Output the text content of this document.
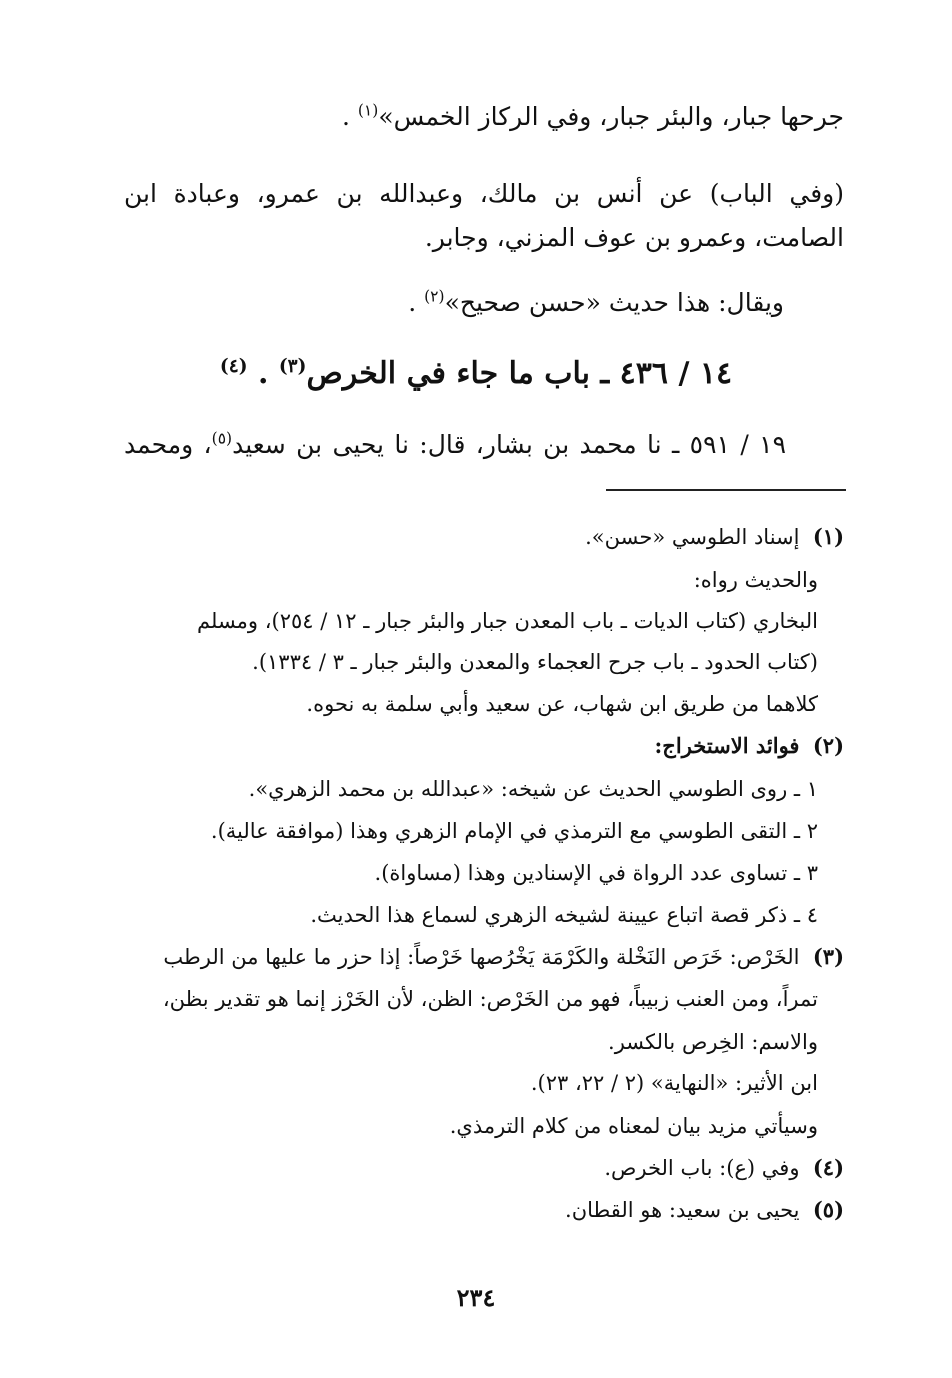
جرحها جبار، والبئر جبار، وفي الركاز الخمس»$^{(١)}$ .
(وفي الباب) عن أنس بن مالك، وعبدالله بن عمرو، وعبادة ابن
الصامت، وعمرو بن عوف المزني، وجابر.
ويقال: هذا حديث «حسن صحيح»$^{(٢)}$ .
١٤ / ٤٣٦ ـ باب ما جاء في الخرص$^{(٣)}$ . $^{(٤)}$
١٩ / ٥٩١ ـ نا محمد بن بشار، قال: نا يحيى بن سعيد$^{(٥)}$، ومحمد
(١)  إسناد الطوسي «حسن».
والحديث رواه:
البخاري (كتاب الديات ـ باب المعدن جبار والبئر جبار ـ ١٢ / ٢٥٤)، ومسلم
(كتاب الحدود ـ باب جرح العجماء والمعدن والبئر جبار ـ ٣ / ١٣٣٤).
كلاهما من طريق ابن شهاب، عن سعيد وأبي سلمة به نحوه.
(٢)  فوائد الاستخراج:
١ ـ روى الطوسي الحديث عن شيخه: «عبدالله بن محمد الزهري».
٢ ـ التقى الطوسي مع الترمذي في الإمام الزهري وهذا (موافقة عالية).
٣ ـ تساوى عدد الرواة في الإسنادين وهذا (مساواة).
٤ ـ ذكر قصة اتباع عيينة لشيخه الزهري لسماع هذا الحديث.
(٣)  الخَرْص: خَرَص النَخْلة والكَرْمَة يَخْرُصها خَرْصاً: إذا حزر ما عليها من الرطب
تمراً، ومن العنب زبيباً، فهو من الخَرْص: الظن، لأن الخَرْز إنما هو تقدير بظن،
والاسم: الخِرص بالكسر.
ابن الأثير: «النهاية» (٢ / ٢٢، ٢٣).
وسيأتي مزيد بيان لمعناه من كلام الترمذي.
(٤)  وفي (ع): باب الخرص.
(٥)  يحيى بن سعيد: هو القطان.
٢٣٤
